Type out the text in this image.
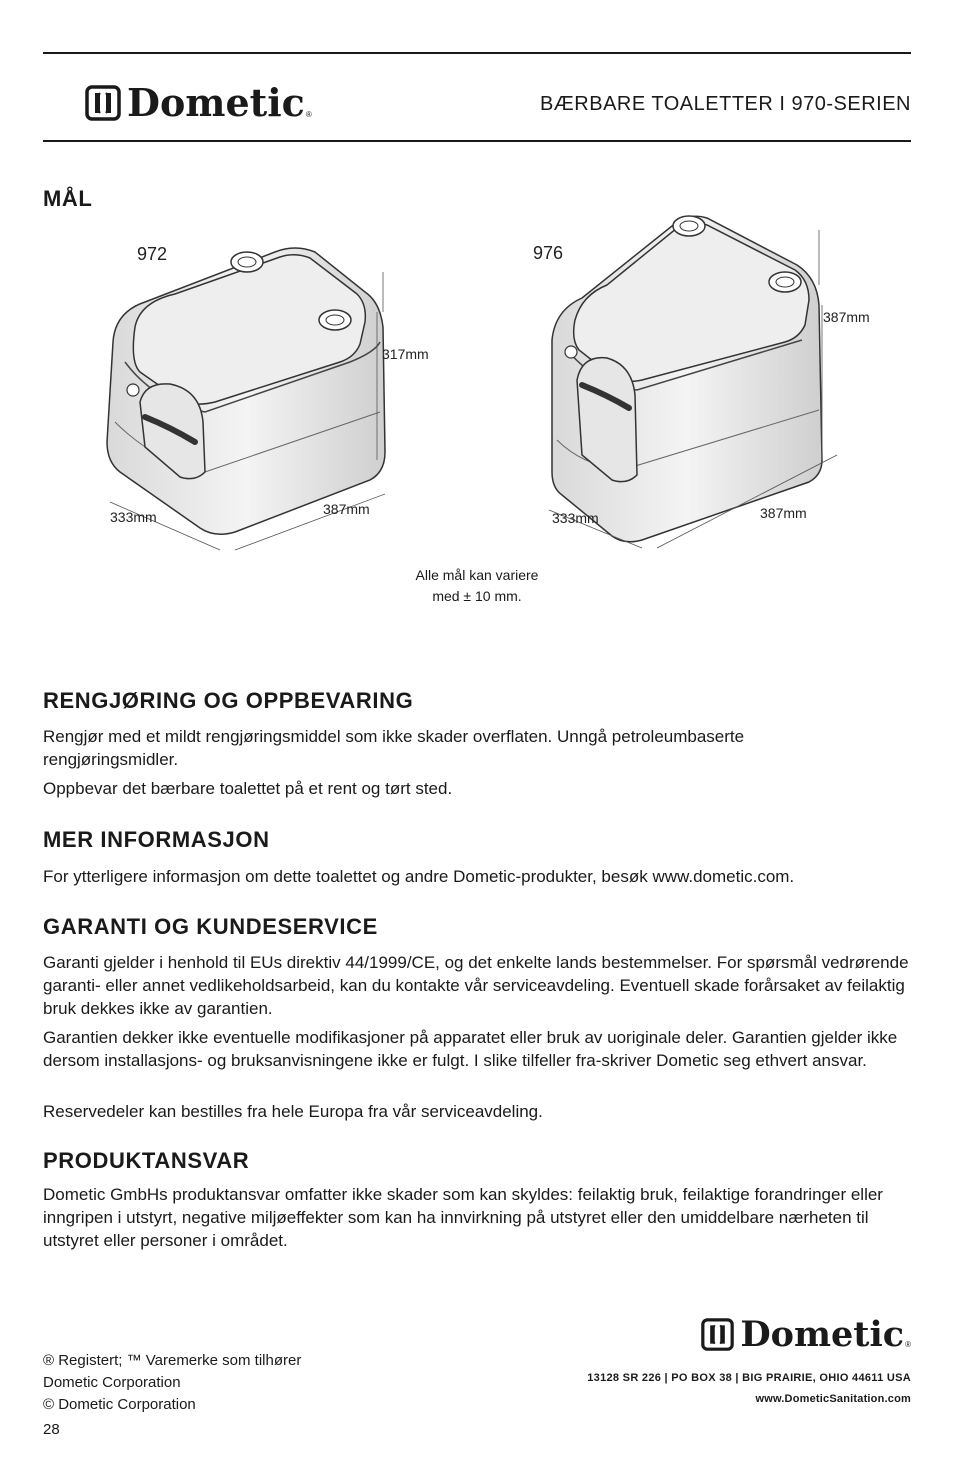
Dometic ®	BÆRBARE TOALETTER I 970-SERIEN
MÅL
317mm
333mm	387mm
972
387mm
333mm	387mm
976
Alle mål kan variere
med ± 10 mm.
RENGJØRING OG OPPBEVARING

Rengjør med et mildt rengjøringsmiddel som ikke skader overflaten. Unngå petroleumbaserte rengjøringsmidler.

Oppbevar det bærbare toalettet på et rent og tørt sted.

MER INFORMASJON

For ytterligere informasjon om dette toalettet og andre Dometic-produkter, besøk www.dometic.com.

GARANTI OG KUNDESERVICE

Garanti gjelder i henhold til EUs direktiv 44/1999/CE, og det enkelte lands bestemmelser. For spørsmål vedrørende garanti- eller annet vedlikeholdsarbeid, kan du kontakte vår serviceavdeling. Eventuell skade forårsaket av feilaktig bruk dekkes ikke av garantien.

Garantien dekker ikke eventuelle modifikasjoner på apparatet eller bruk av uoriginale deler. Garantien gjelder ikke dersom installasjons- og bruksanvisningene ikke er fulgt. I slike tilfeller fra-skriver Dometic seg ethvert ansvar.

Reservedeler kan bestilles fra hele Europa fra vår serviceavdeling.

PRODUKTANSVAR

Dometic GmbHs produktansvar omfatter ikke skader som kan skyldes: feilaktig bruk, feilaktige forandringer eller inngripen i utstyrt, negative miljøeffekter som kan ha innvirkning på utstyret eller den umiddelbare nærheten til utstyret eller personer i området.

® Registert; ™ Varemerke som tilhører
Dometic Corporation
© Dometic Corporation
28
Dometic ®
13128 SR 226 | PO BOX 38 | BIG PRAIRIE, OHIO 44611 USA
www.DometicSanitation.com
